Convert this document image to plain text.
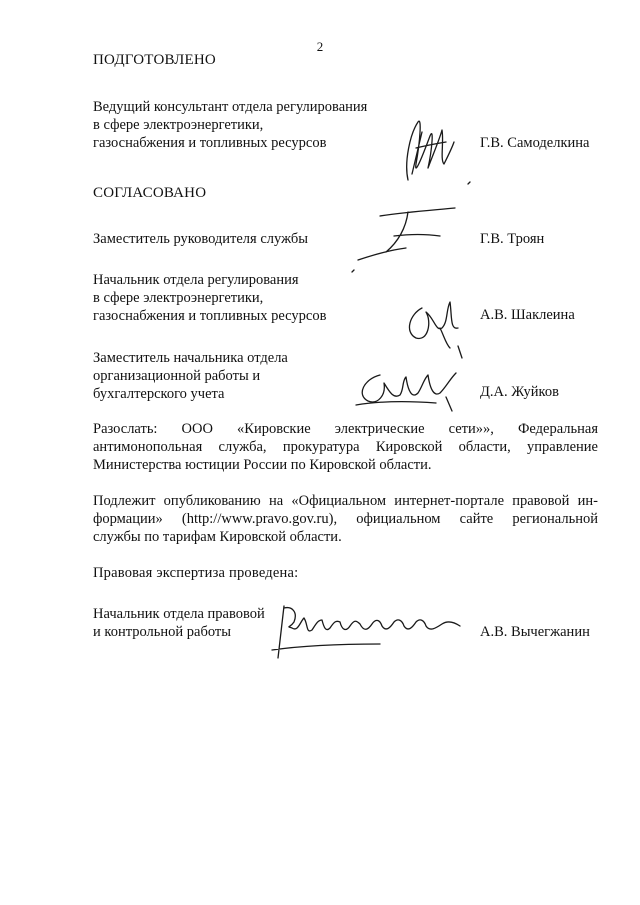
2
ПОДГОТОВЛЕНО
Ведущий консультант отдела регулирования
в сфере электроэнергетики,
газоснабжения и топливных ресурсов	Г.В. Самоделкина
СОГЛАСОВАНО
Заместитель руководителя службы	Г.В. Троян
Начальник отдела регулирования
в сфере электроэнергетики,
газоснабжения и топливных ресурсов	А.В. Шаклеина
Заместитель начальника отдела
организационной работы и
бухгалтерского учета	Д.А. Жуйков
Разослать: ООО «Кировские электрические сети»», Федеральная
антимонопольная служба, прокуратура Кировской области, управление
Министерства юстиции России по Кировской области.
Подлежит опубликованию на «Официальном интернет-портале правовой ин-
формации» (http://www.pravo.gov.ru), официальном сайте региональной
службы по тарифам Кировской области.
Правовая экспертиза проведена:
Начальник отдела правовой
и контрольной работы	А.В. Вычегжанин
